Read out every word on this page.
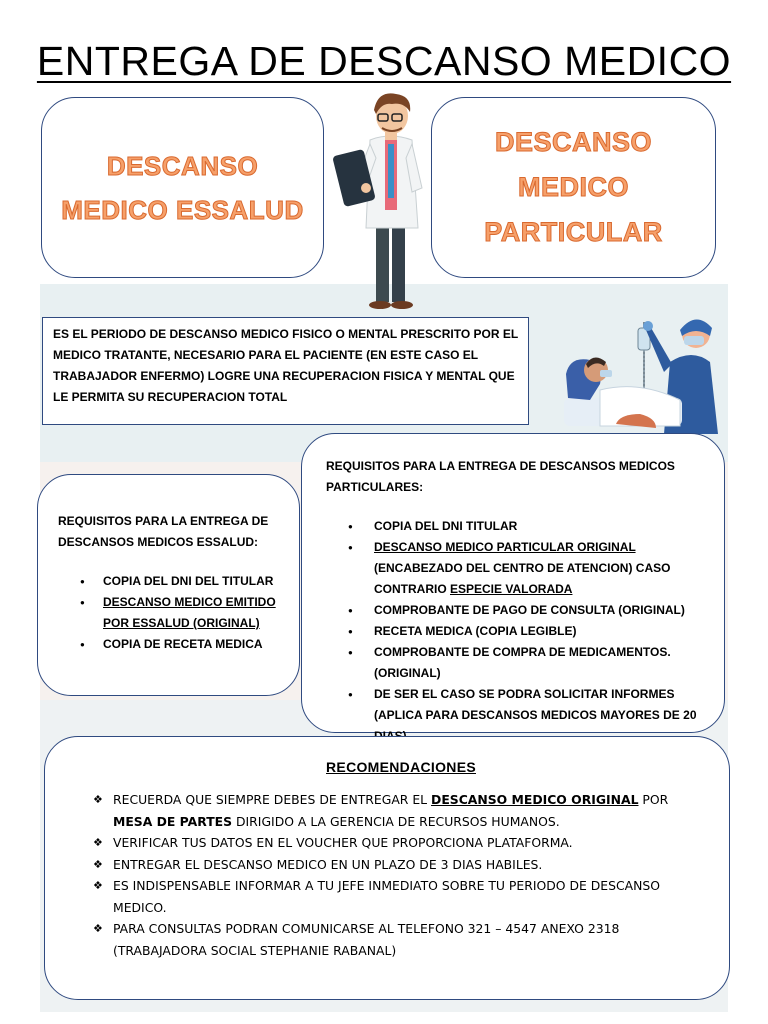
ENTREGA DE DESCANSO MEDICO
DESCANSO
MEDICO ESSALUD
DESCANSO
MEDICO
PARTICULAR
ES EL PERIODO DE DESCANSO MEDICO FISICO O MENTAL PRESCRITO POR EL MEDICO TRATANTE, NECESARIO PARA EL PACIENTE (EN ESTE CASO EL TRABAJADOR ENFERMO) LOGRE UNA RECUPERACION FISICA Y MENTAL QUE LE PERMITA SU RECUPERACION TOTAL
REQUISITOS PARA LA ENTREGA DE DESCANSOS MEDICOS ESSALUD:
● COPIA DEL DNI DEL TITULAR
● DESCANSO MEDICO EMITIDO POR ESSALUD (ORIGINAL)
● COPIA DE RECETA MEDICA
REQUISITOS PARA LA ENTREGA DE DESCANSOS MEDICOS PARTICULARES:
● COPIA DEL DNI TITULAR
● DESCANSO MEDICO PARTICULAR ORIGINAL (ENCABEZADO DEL CENTRO DE ATENCION) CASO CONTRARIO ESPECIE VALORADA
● COMPROBANTE DE PAGO DE CONSULTA (ORIGINAL)
● RECETA MEDICA (COPIA LEGIBLE)
● COMPROBANTE DE COMPRA DE MEDICAMENTOS. (ORIGINAL)
● DE SER EL CASO SE PODRA SOLICITAR INFORMES (APLICA PARA DESCANSOS MEDICOS MAYORES DE 20
RECOMENDACIONES
❖ RECUERDA QUE SIEMPRE DEBES DE ENTREGAR EL DESCANSO MEDICO ORIGINAL POR MESA DE PARTES DIRIGIDO A LA GERENCIA DE RECURSOS HUMANOS.
❖ VERIFICAR TUS DATOS EN EL VOUCHER QUE PROPORCIONA PLATAFORMA.
❖ ENTREGAR EL DESCANSO MEDICO EN UN PLAZO DE 3 DIAS HABILES.
❖ ES INDISPENSABLE INFORMAR A TU JEFE INMEDIATO SOBRE TU PERIODO DE DESCANSO MEDICO.
❖ PARA CONSULTAS PODRAN COMUNICARSE AL TELEFONO 321 – 4547 ANEXO 2318 (TRABAJADORA SOCIAL STEPHANIE RABANAL)
